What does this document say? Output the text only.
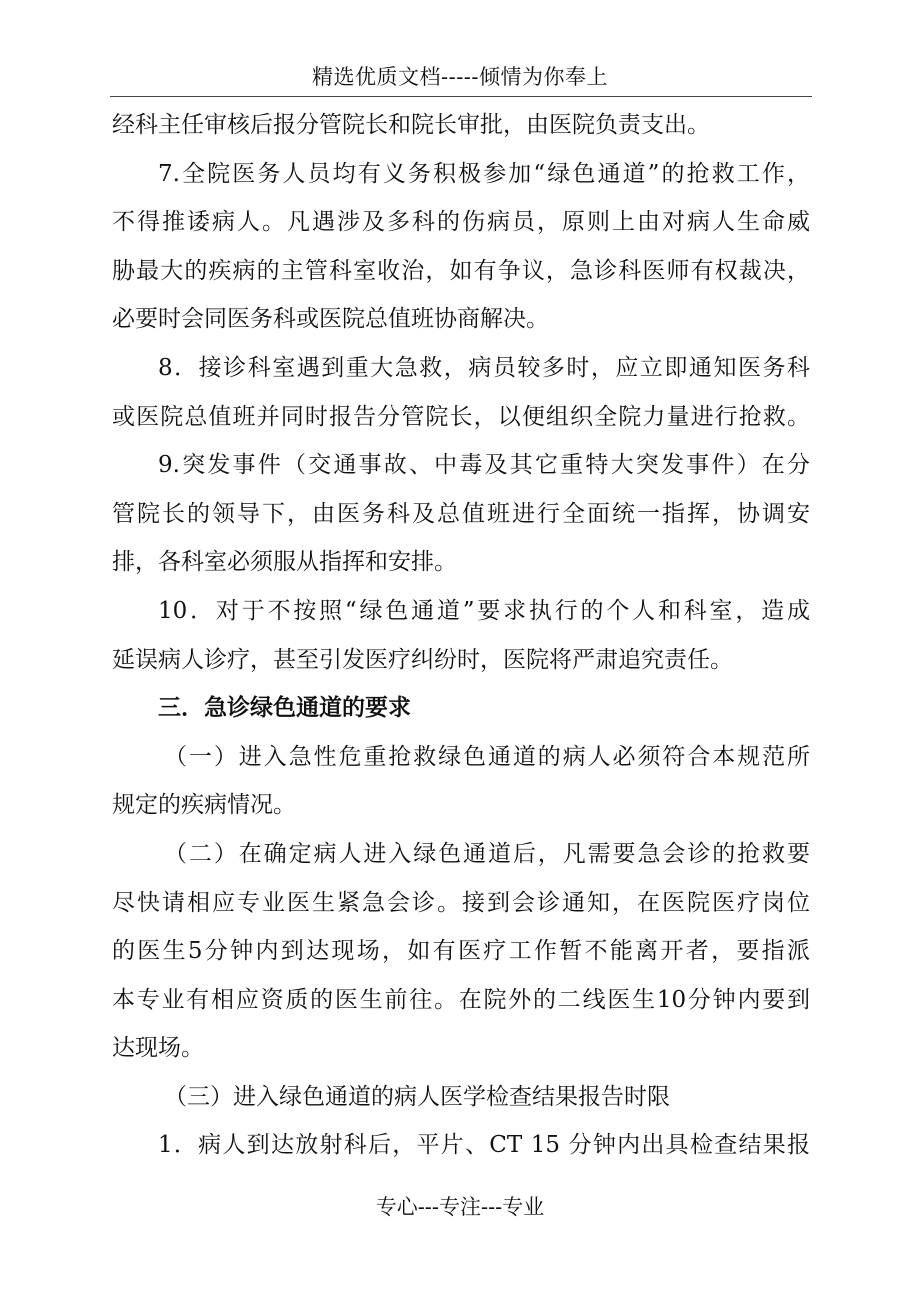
精选优质文档-----倾情为你奉上
经科主任审核后报分管院长和院长审批，由医院负责支出。
7.全院医务人员均有义务积极参加“绿色通道”的抢救工作，
不得推诿病人。凡遇涉及多科的伤病员，原则上由对病人生命威
胁最大的疾病的主管科室收治，如有争议，急诊科医师有权裁决，
必要时会同医务科或医院总值班协商解决。
8．接诊科室遇到重大急救，病员较多时，应立即通知医务科
或医院总值班并同时报告分管院长，以便组织全院力量进行抢救。
9.突发事件（交通事故、中毒及其它重特大突发事件）在分
管院长的领导下，由医务科及总值班进行全面统一指挥，协调安
排，各科室必须服从指挥和安排。
10．对于不按照“绿色通道”要求执行的个人和科室，造成
延误病人诊疗，甚至引发医疗纠纷时，医院将严肃追究责任。
三．急诊绿色通道的要求
（一）进入急性危重抢救绿色通道的病人必须符合本规范所
规定的疾病情况。
（二）在确定病人进入绿色通道后，凡需要急会诊的抢救要
尽快请相应专业医生紧急会诊。接到会诊通知，在医院医疗岗位
的医生5分钟内到达现场，如有医疗工作暂不能离开者，要指派
本专业有相应资质的医生前往。在院外的二线医生10分钟内要到
达现场。
（三）进入绿色通道的病人医学检查结果报告时限
1．病人到达放射科后，平片、CT 15 分钟内出具检查结果报
专心---专注---专业
